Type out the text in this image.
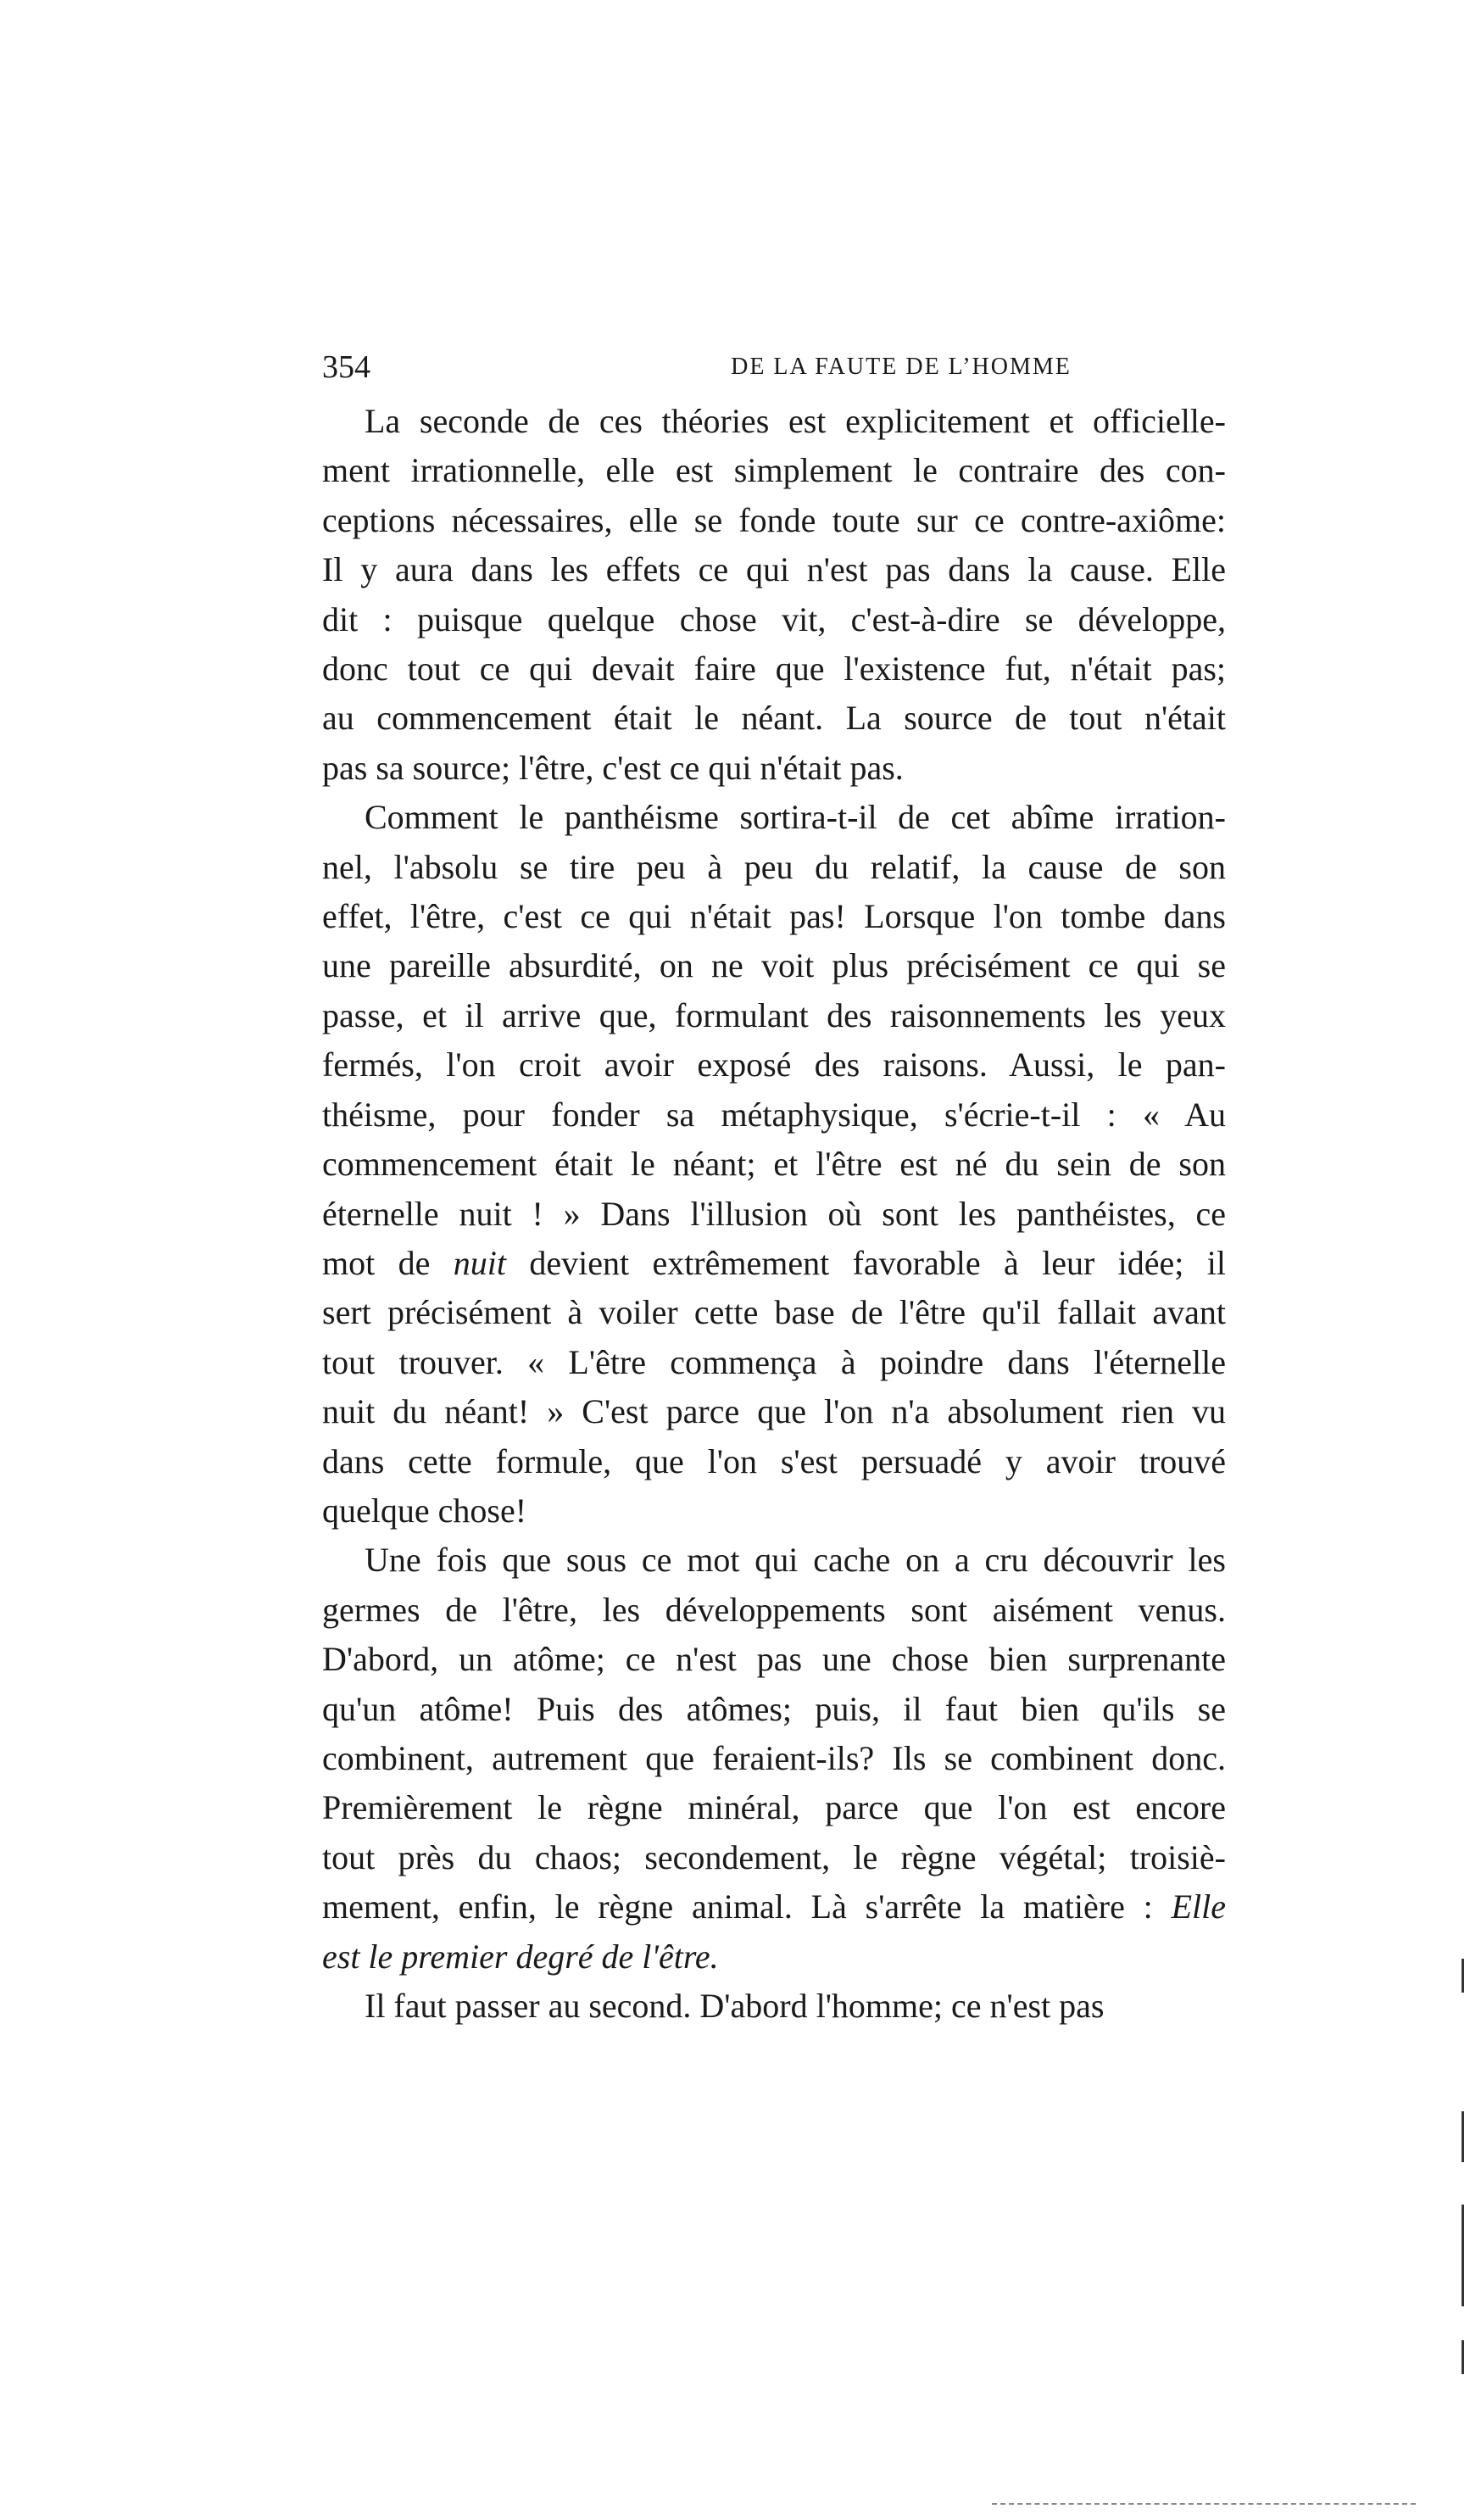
354	DE LA FAUTE DE L’HOMME
La seconde de ces théories est explicitement et officielle-
ment irrationnelle, elle est simplement le contraire des con-
ceptions nécessaires, elle se fonde toute sur ce contre-axiôme:
Il y aura dans les effets ce qui n'est pas dans la cause. Elle
dit : puisque quelque chose vit, c'est-à-dire se développe,
donc tout ce qui devait faire que l'existence fut, n'était pas;
au commencement était le néant. La source de tout n'était
pas sa source; l'être, c'est ce qui n'était pas.
Comment le panthéisme sortira-t-il de cet abîme irration-
nel, l'absolu se tire peu à peu du relatif, la cause de son
effet, l'être, c'est ce qui n'était pas! Lorsque l'on tombe dans
une pareille absurdité, on ne voit plus précisément ce qui se
passe, et il arrive que, formulant des raisonnements les yeux
fermés, l'on croit avoir exposé des raisons. Aussi, le pan-
théisme, pour fonder sa métaphysique, s'écrie-t-il : « Au
commencement était le néant; et l'être est né du sein de son
éternelle nuit ! » Dans l'illusion où sont les panthéistes, ce
mot de nuit devient extrêmement favorable à leur idée; il
sert précisément à voiler cette base de l'être qu'il fallait avant
tout trouver. « L'être commença à poindre dans l'éternelle
nuit du néant! » C'est parce que l'on n'a absolument rien vu
dans cette formule, que l'on s'est persuadé y avoir trouvé
quelque chose!
Une fois que sous ce mot qui cache on a cru découvrir les
germes de l'être, les développements sont aisément venus.
D'abord, un atôme; ce n'est pas une chose bien surprenante
qu'un atôme! Puis des atômes; puis, il faut bien qu'ils se
combinent, autrement que feraient-ils? Ils se combinent donc.
Premièrement le règne minéral, parce que l'on est encore
tout près du chaos; secondement, le règne végétal; troisiè-
mement, enfin, le règne animal. Là s'arrête la matière : Elle
est le premier degré de l'être.
Il faut passer au second. D'abord l'homme; ce n'est pas
